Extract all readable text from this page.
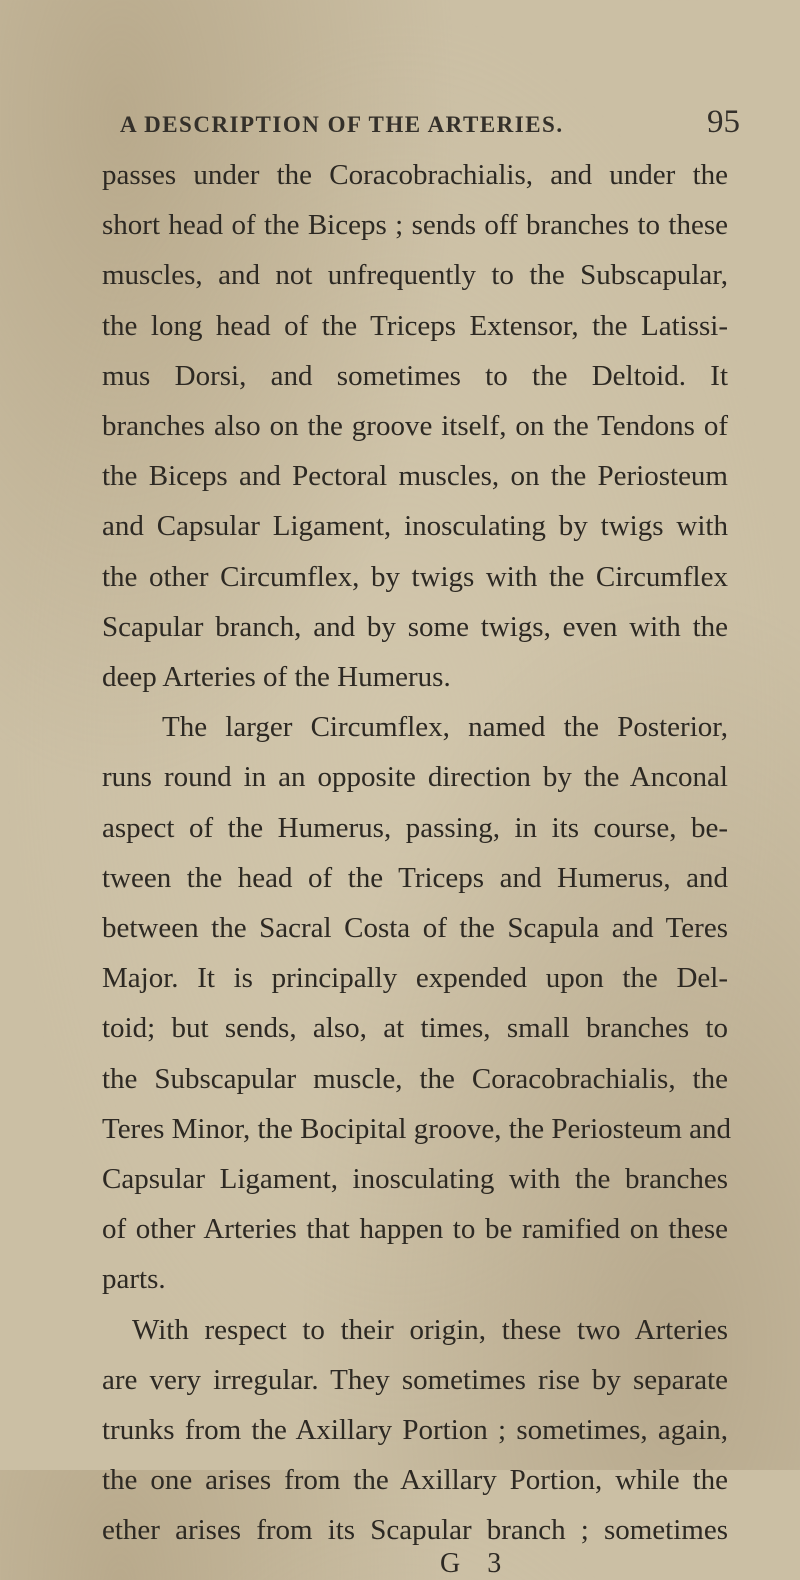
A DESCRIPTION OF THE ARTERIES.	95
passes under the Coracobrachialis, and under the
short head of the Biceps ; sends off branches to these
muscles, and not unfrequently to the Subscapular,
the long head of the Triceps Extensor, the Latissi-
mus Dorsi, and sometimes to the Deltoid. It
branches also on the groove itself, on the Tendons of
the Biceps and Pectoral muscles, on the Periosteum
and Capsular Ligament, inosculating by twigs with
the other Circumflex, by twigs with the Circumflex
Scapular branch, and by some twigs, even with the
deep Arteries of the Humerus.
The larger Circumflex, named the Posterior,
runs round in an opposite direction by the Anconal
aspect of the Humerus, passing, in its course, be-
tween the head of the Triceps and Humerus, and
between the Sacral Costa of the Scapula and Teres
Major. It is principally expended upon the Del-
toid; but sends, also, at times, small branches to
the Subscapular muscle, the Coracobrachialis, the
Teres Minor, the Bocipital groove, the Periosteum and
Capsular Ligament, inosculating with the branches
of other Arteries that happen to be ramified on these
parts.
With respect to their origin, these two Arteries
are very irregular. They sometimes rise by separate
trunks from the Axillary Portion ; sometimes, again,
the one arises from the Axillary Portion, while the
ether arises from its Scapular branch ; sometimes
G 3
